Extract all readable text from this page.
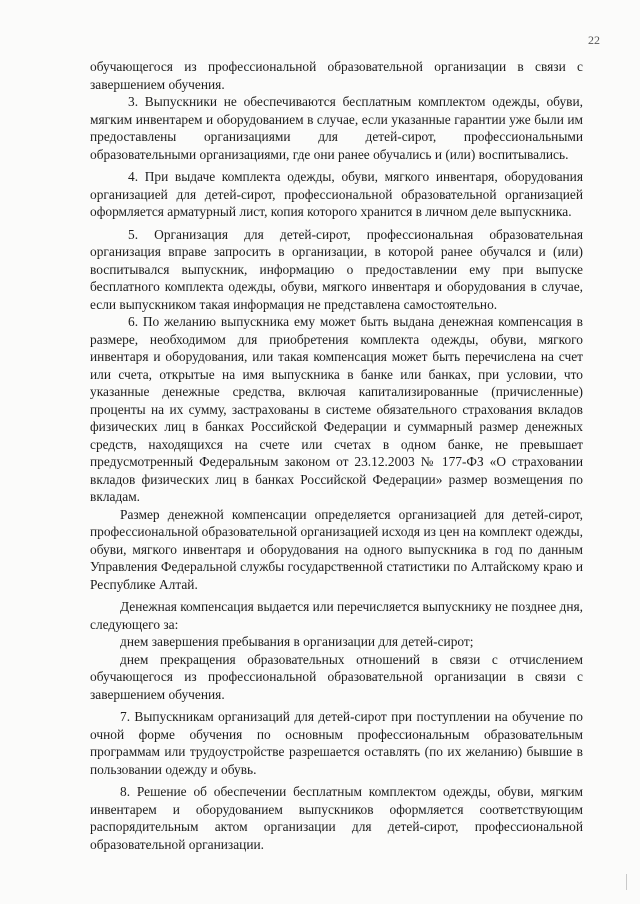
22

обучающегося из профессиональной образовательной организации в связи с завершением обучения.

3. Выпускники не обеспечиваются бесплатным комплектом одежды, обуви, мягким инвентарем и оборудованием в случае, если указанные гарантии уже были им предоставлены организациями для детей-сирот, профессиональными образовательными организациями, где они ранее обучались и (или) воспитывались.

4. При выдаче комплекта одежды, обуви, мягкого инвентаря, оборудования организацией для детей-сирот, профессиональной образовательной организацией оформляется арматурный лист, копия которого хранится в личном деле выпускника.

5. Организация для детей-сирот, профессиональная образовательная организация вправе запросить в организации, в которой ранее обучался и (или) воспитывался выпускник, информацию о предоставлении ему при выпуске бесплатного комплекта одежды, обуви, мягкого инвентаря и оборудования в случае, если выпускником такая информация не представлена самостоятельно.

6. По желанию выпускника ему может быть выдана денежная компенсация в размере, необходимом для приобретения комплекта одежды, обуви, мягкого инвентаря и оборудования, или такая компенсация может быть перечислена на счет или счета, открытые на имя выпускника в банке или банках, при условии, что указанные денежные средства, включая капитализированные (причисленные) проценты на их сумму, застрахованы в системе обязательного страхования вкладов физических лиц в банках Российской Федерации и суммарный размер денежных средств, находящихся на счете или счетах в одном банке, не превышает предусмотренный Федеральным законом от 23.12.2003 № 177-ФЗ «О страховании вкладов физических лиц в банках Российской Федерации» размер возмещения по вкладам.

Размер денежной компенсации определяется организацией для детей-сирот, профессиональной образовательной организацией исходя из цен на комплект одежды, обуви, мягкого инвентаря и оборудования на одного выпускника в год по данным Управления Федеральной службы государственной статистики по Алтайскому краю и Республике Алтай.

Денежная компенсация выдается или перечисляется выпускнику не позднее дня, следующего за:

днем завершения пребывания в организации для детей-сирот;

днем прекращения образовательных отношений в связи с отчислением обучающегося из профессиональной образовательной организации в связи с завершением обучения.

7. Выпускникам организаций для детей-сирот при поступлении на обучение по очной форме обучения по основным профессиональным образовательным программам или трудоустройстве разрешается оставлять (по их желанию) бывшие в пользовании одежду и обувь.

8. Решение об обеспечении бесплатным комплектом одежды, обуви, мягким инвентарем и оборудованием выпускников оформляется соответствующим распорядительным актом организации для детей-сирот, профессиональной образовательной организации.
